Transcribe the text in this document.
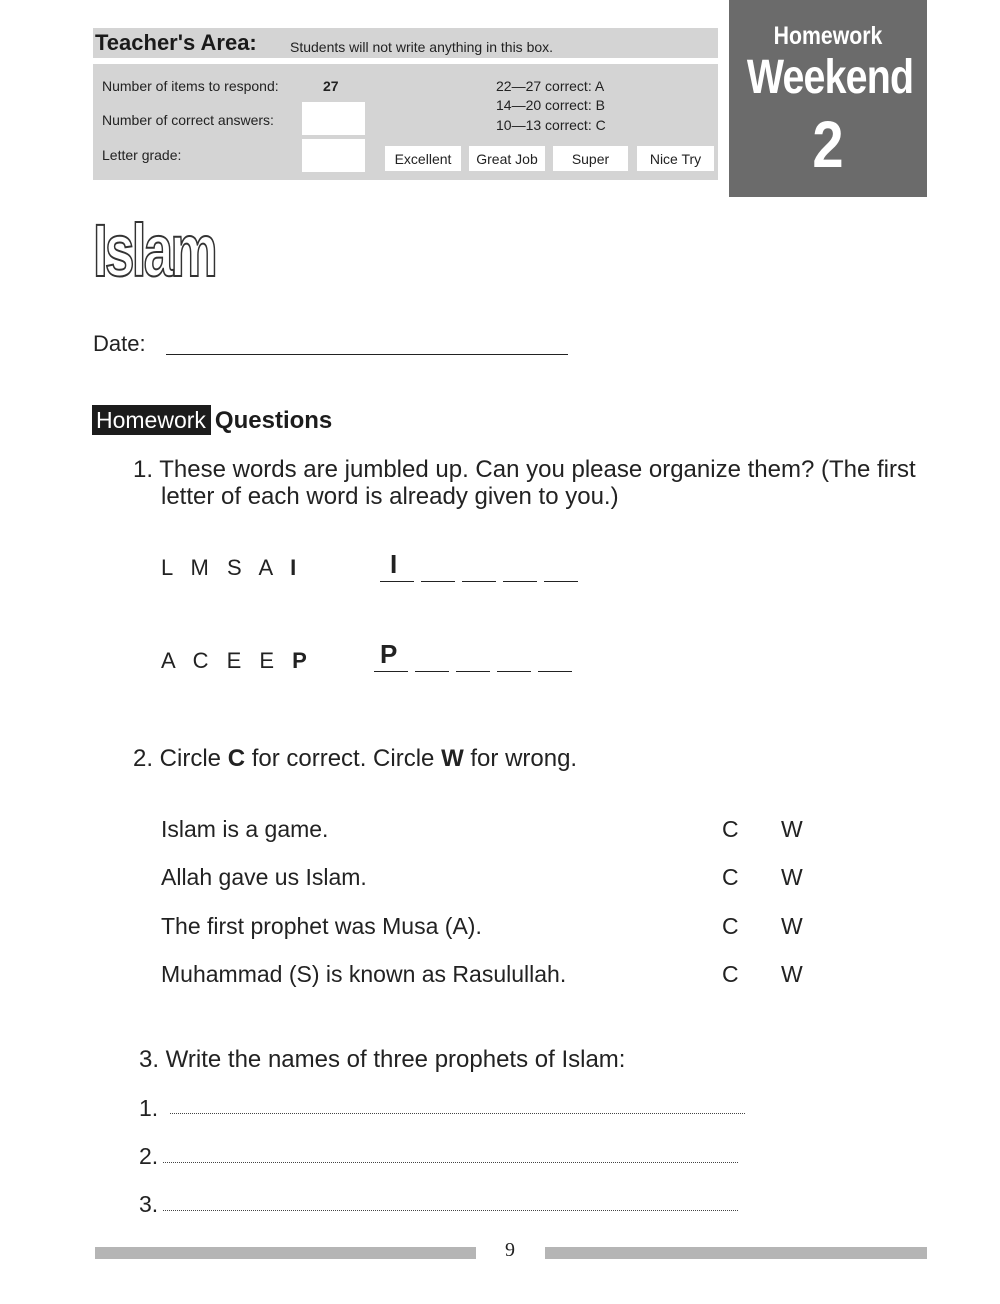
Teacher's Area: Students will not write anything in this box.
Number of items to respond:	27
Number of correct answers:
Letter grade:
22—27 correct: A
14—20 correct: B
10—13 correct: C
Excellent	Great Job	Super	Nice Try
Homework
Weekend
2
Islam
Date:
Homework Questions
1. These words are jumbled up. Can you please organize them? (The first
letter of each word is already given to you.)
L M S A I	I
A C E E P	P
2. Circle C for correct. Circle W for wrong.
Islam is a game.	C W
Allah gave us Islam.	C W
The first prophet was Musa (A).	C W
Muhammad (S) is known as Rasulullah.	C W
3. Write the names of three prophets of Islam:
1.
2.
3.
9
